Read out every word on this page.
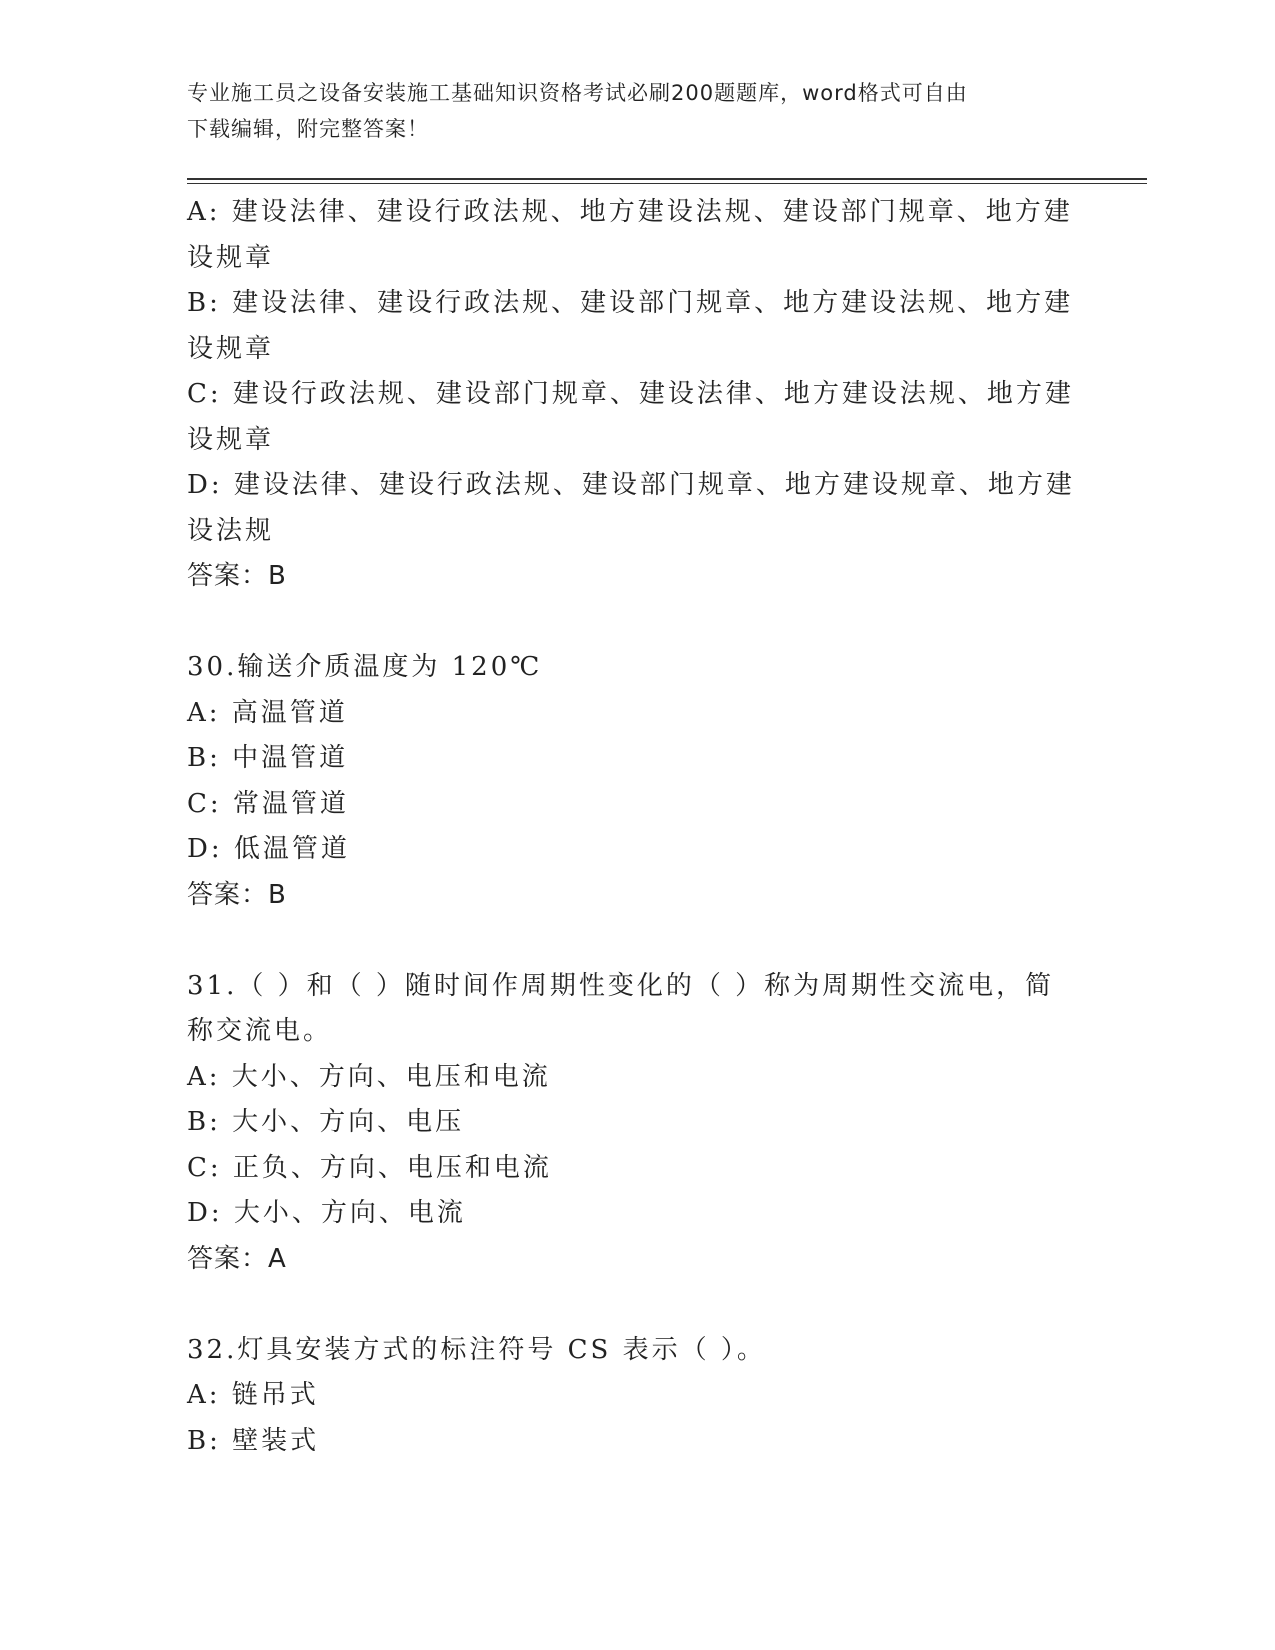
专业施工员之设备安装施工基础知识资格考试必刷200题题库，word格式可自由
下载编辑，附完整答案！
A: 建设法律、建设行政法规、地方建设法规、建设部门规章、地方建
设规章
B: 建设法律、建设行政法规、建设部门规章、地方建设法规、地方建
设规章
C: 建设行政法规、建设部门规章、建设法律、地方建设法规、地方建
设规章
D: 建设法律、建设行政法规、建设部门规章、地方建设规章、地方建
设法规
答案：B
30.输送介质温度为 120℃
A: 高温管道
B: 中温管道
C: 常温管道
D: 低温管道
答案：B
31.（ ）和（ ）随时间作周期性变化的（ ）称为周期性交流电，简
称交流电。
A: 大小、方向、电压和电流
B: 大小、方向、电压
C: 正负、方向、电压和电流
D: 大小、方向、电流
答案：A
32.灯具安装方式的标注符号 CS 表示（ ）。
A: 链吊式
B: 壁装式
